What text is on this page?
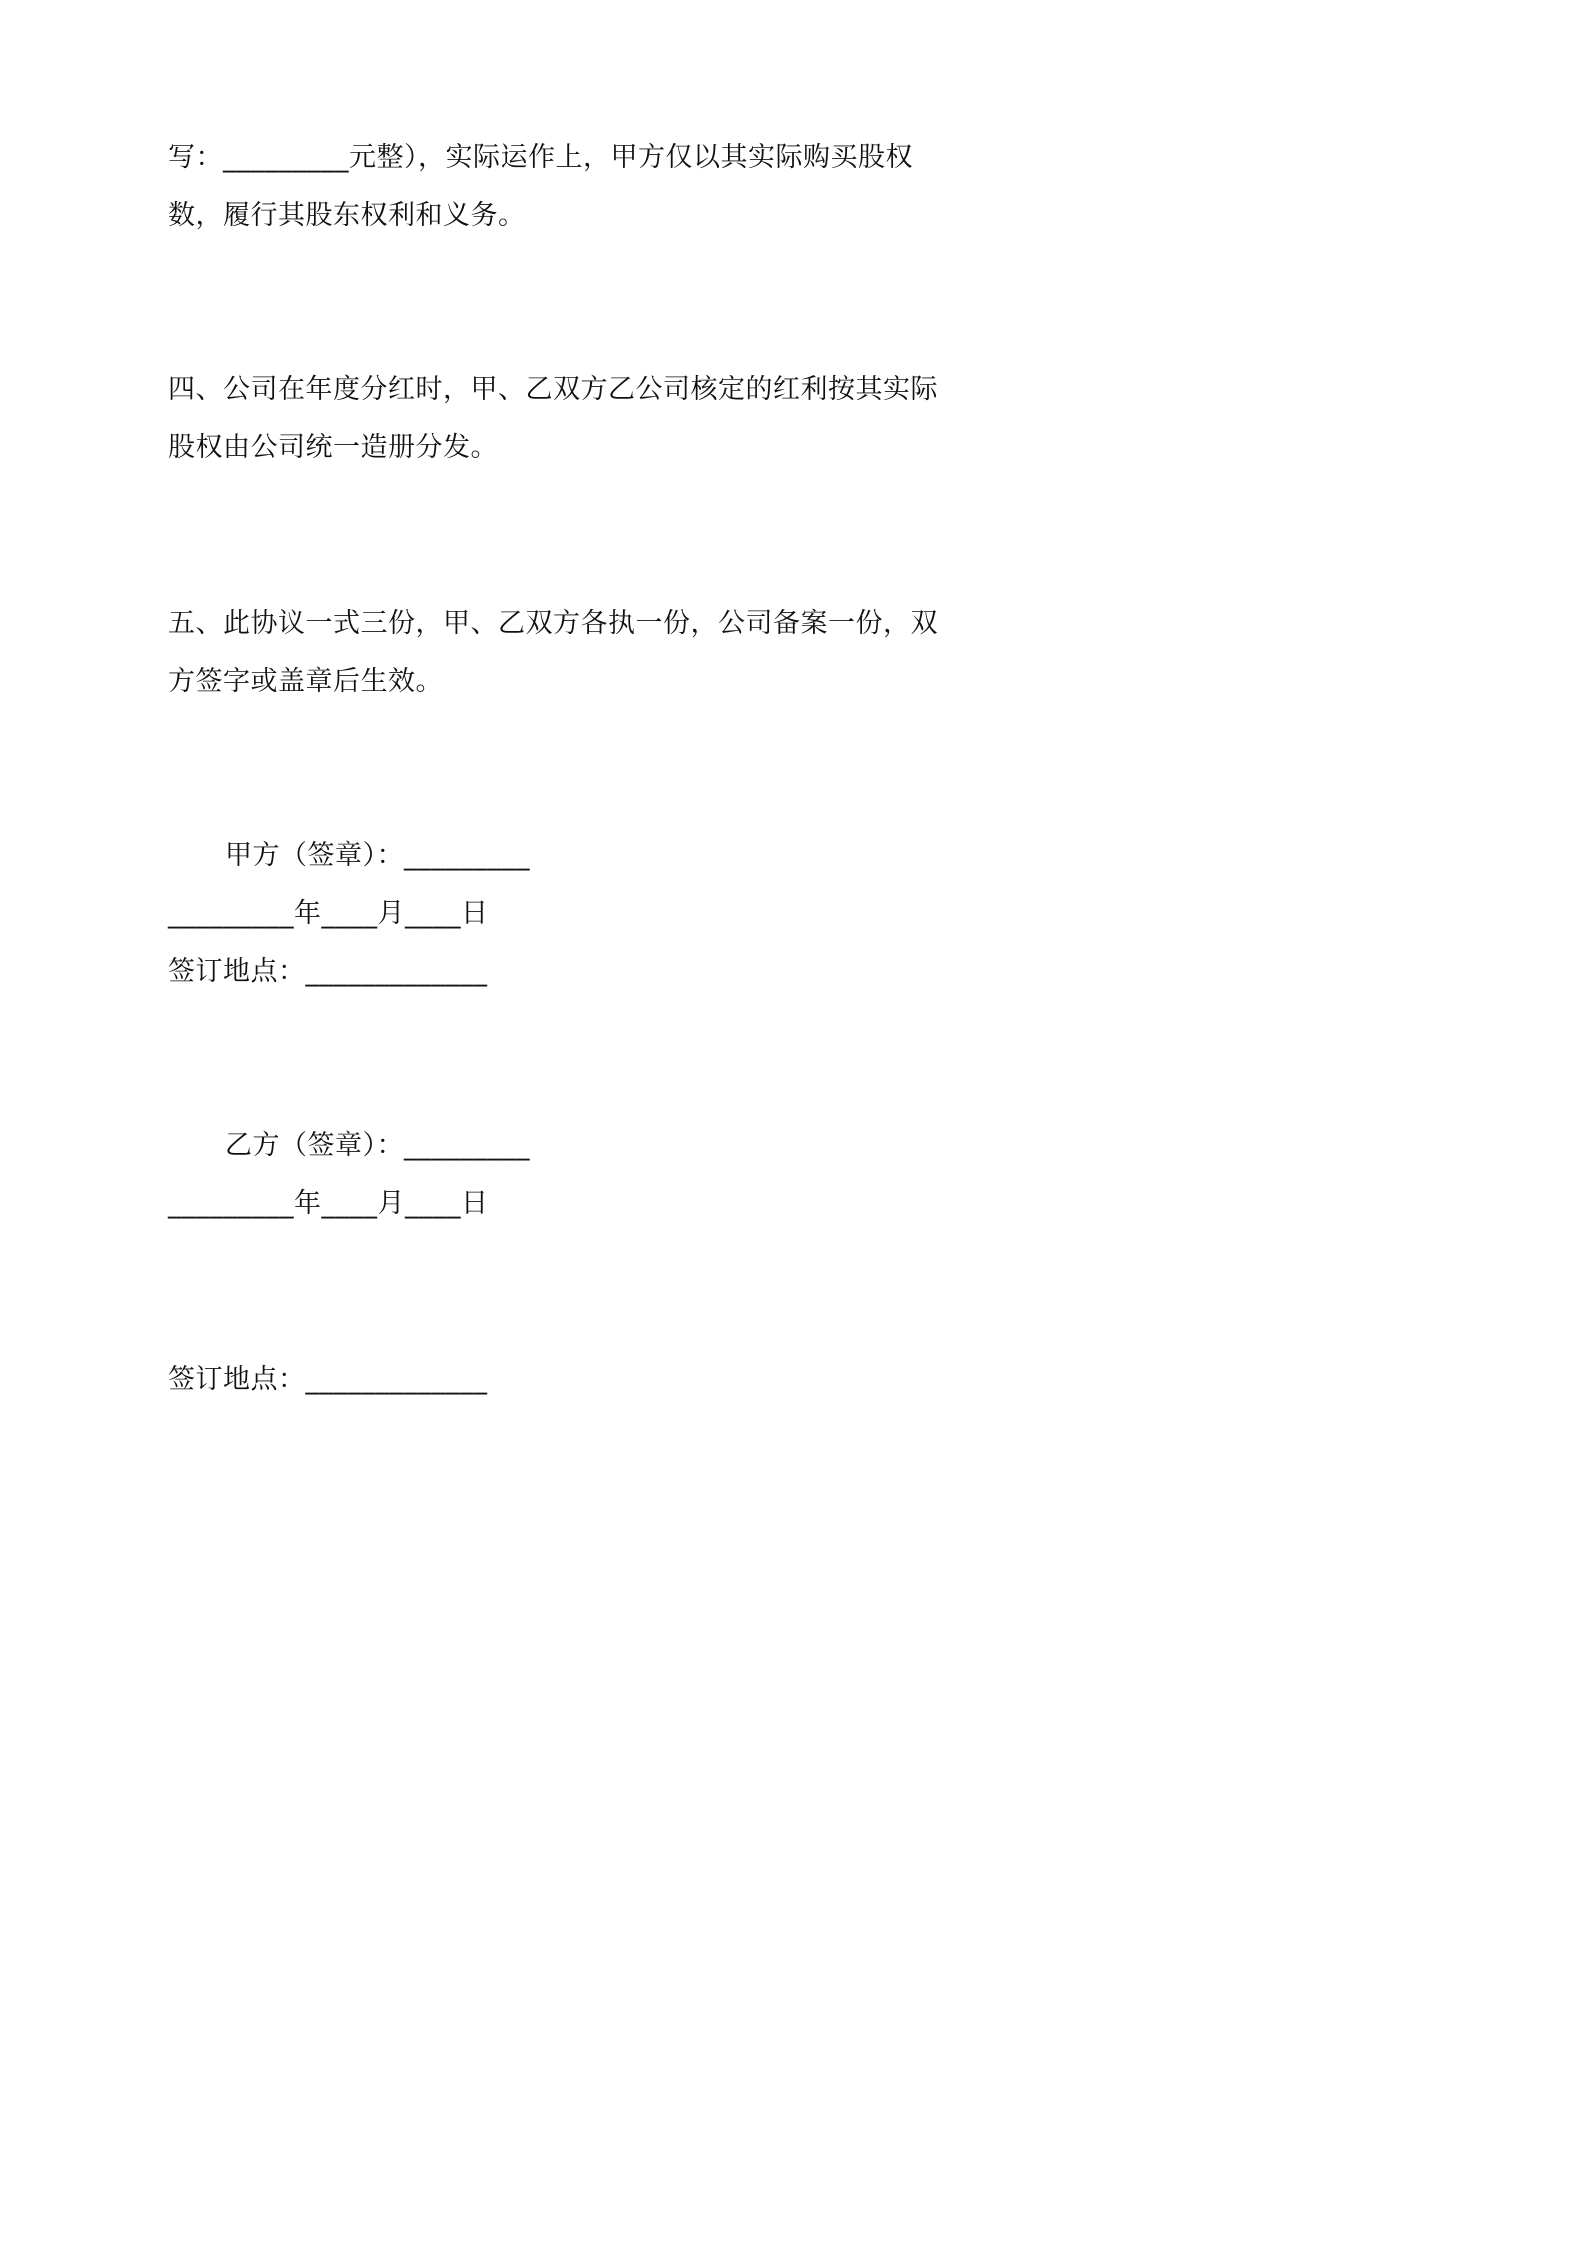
写：_________元整），实际运作上，甲方仅以其实际购买股权
数，履行其股东权利和义务。
四、公司在年度分红时，甲、乙双方乙公司核定的红利按其实际
股权由公司统一造册分发。
五、此协议一式三份，甲、乙双方各执一份，公司备案一份，双
方签字或盖章后生效。
甲方（签章）：_________
_________年____月____日
签订地点：_____________
乙方（签章）：_________
_________年____月____日
签订地点：_____________
